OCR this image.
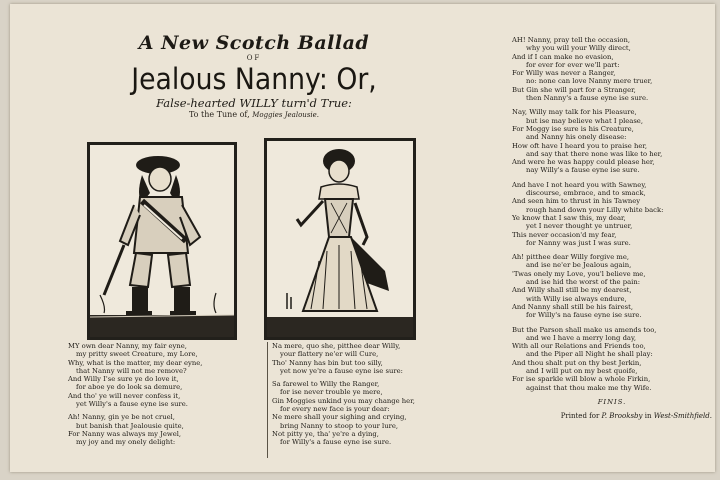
A New Scotch Ballad
OF
Jealous Nanny: Or,
False-hearted WILLY turn'd True:
To the Tune of, Moggies Jealousie.
MY own dear Nanny, my fair eyne,
my pritty sweet Creature, my Lore,
Why, what is the matter, my dear eyne,
that Nanny will not me remove?
And Willy I'se sure ye do love it,
for aboe ye do look sa demure,
And tho' ye will never confess it,
yet Willy's a fause eyne ise sure.
Ah! Nanny, gin ye be not cruel,
but banish that Jealousie quite,
For Nanny was always my Jewel,
my joy and my onely delight:
Na mere, quo she, pitthee dear Willy,
your flattery ne'er will Cure,
Tho' Nanny has bin but too silly,
yet now ye're a fause eyne ise sure:
Sa farewel to Willy the Ranger,
for ise never trouble ye mere,
Gin Moggies unkind you may change her,
for every new face is your dear:
Ne mere shall your sighing and crying,
bring Nanny to stoop to your lure,
Not pitty ye, tha' ye're a dying,
for Willy's a fause eyne ise sure.
AH! Nanny, pray tell the occasion,
why you will your Willy direct,
And if I can make no evasion,
for ever for ever we'll part:
For Willy was never a Ranger,
no: none can love Nanny mere truer,
But Gin she will part for a Stranger,
then Nanny's a fause eyne ise sure.
Nay, Willy may talk for his Pleasure,
but ise may believe what I please,
For Moggy ise sure is his Creature,
and Nanny his onely disease:
How oft have I heard you to praise her,
and say that there none was like to her,
And were he was happy could please her,
nay Willy's a fause eyne ise sure.
And have I not heard you with Sawney,
discourse, embrace, and to smack,
And seen him to thrust in his Tawney
rough hand down your Lilly white back:
Ye know that I saw this, my dear,
yet I never thought ye untruer,
This never occasion'd my fear,
for Nanny was just I was sure.
Ah! pitthee dear Willy forgive me,
and ise ne'er be Jealous again,
'Twas onely my Love, you'l believe me,
and ise hid the worst of the pain:
And Willy shall still be my dearest,
with Willy ise always endure,
And Nanny shall still be his fairest,
for Willy's na fause eyne ise sure.
But the Parson shall make us amends too,
and we I have a merry long day,
With all our Relations and Friends too,
and the Piper all Night he shall play:
And thou shalt put on thy best Jerkin,
and I will put on my best quoife,
For ise sparkle will blow a whole Firkin,
against that thou make me thy Wife.
FINIS.
Printed for P. Brooksby in West-Smithfield.
